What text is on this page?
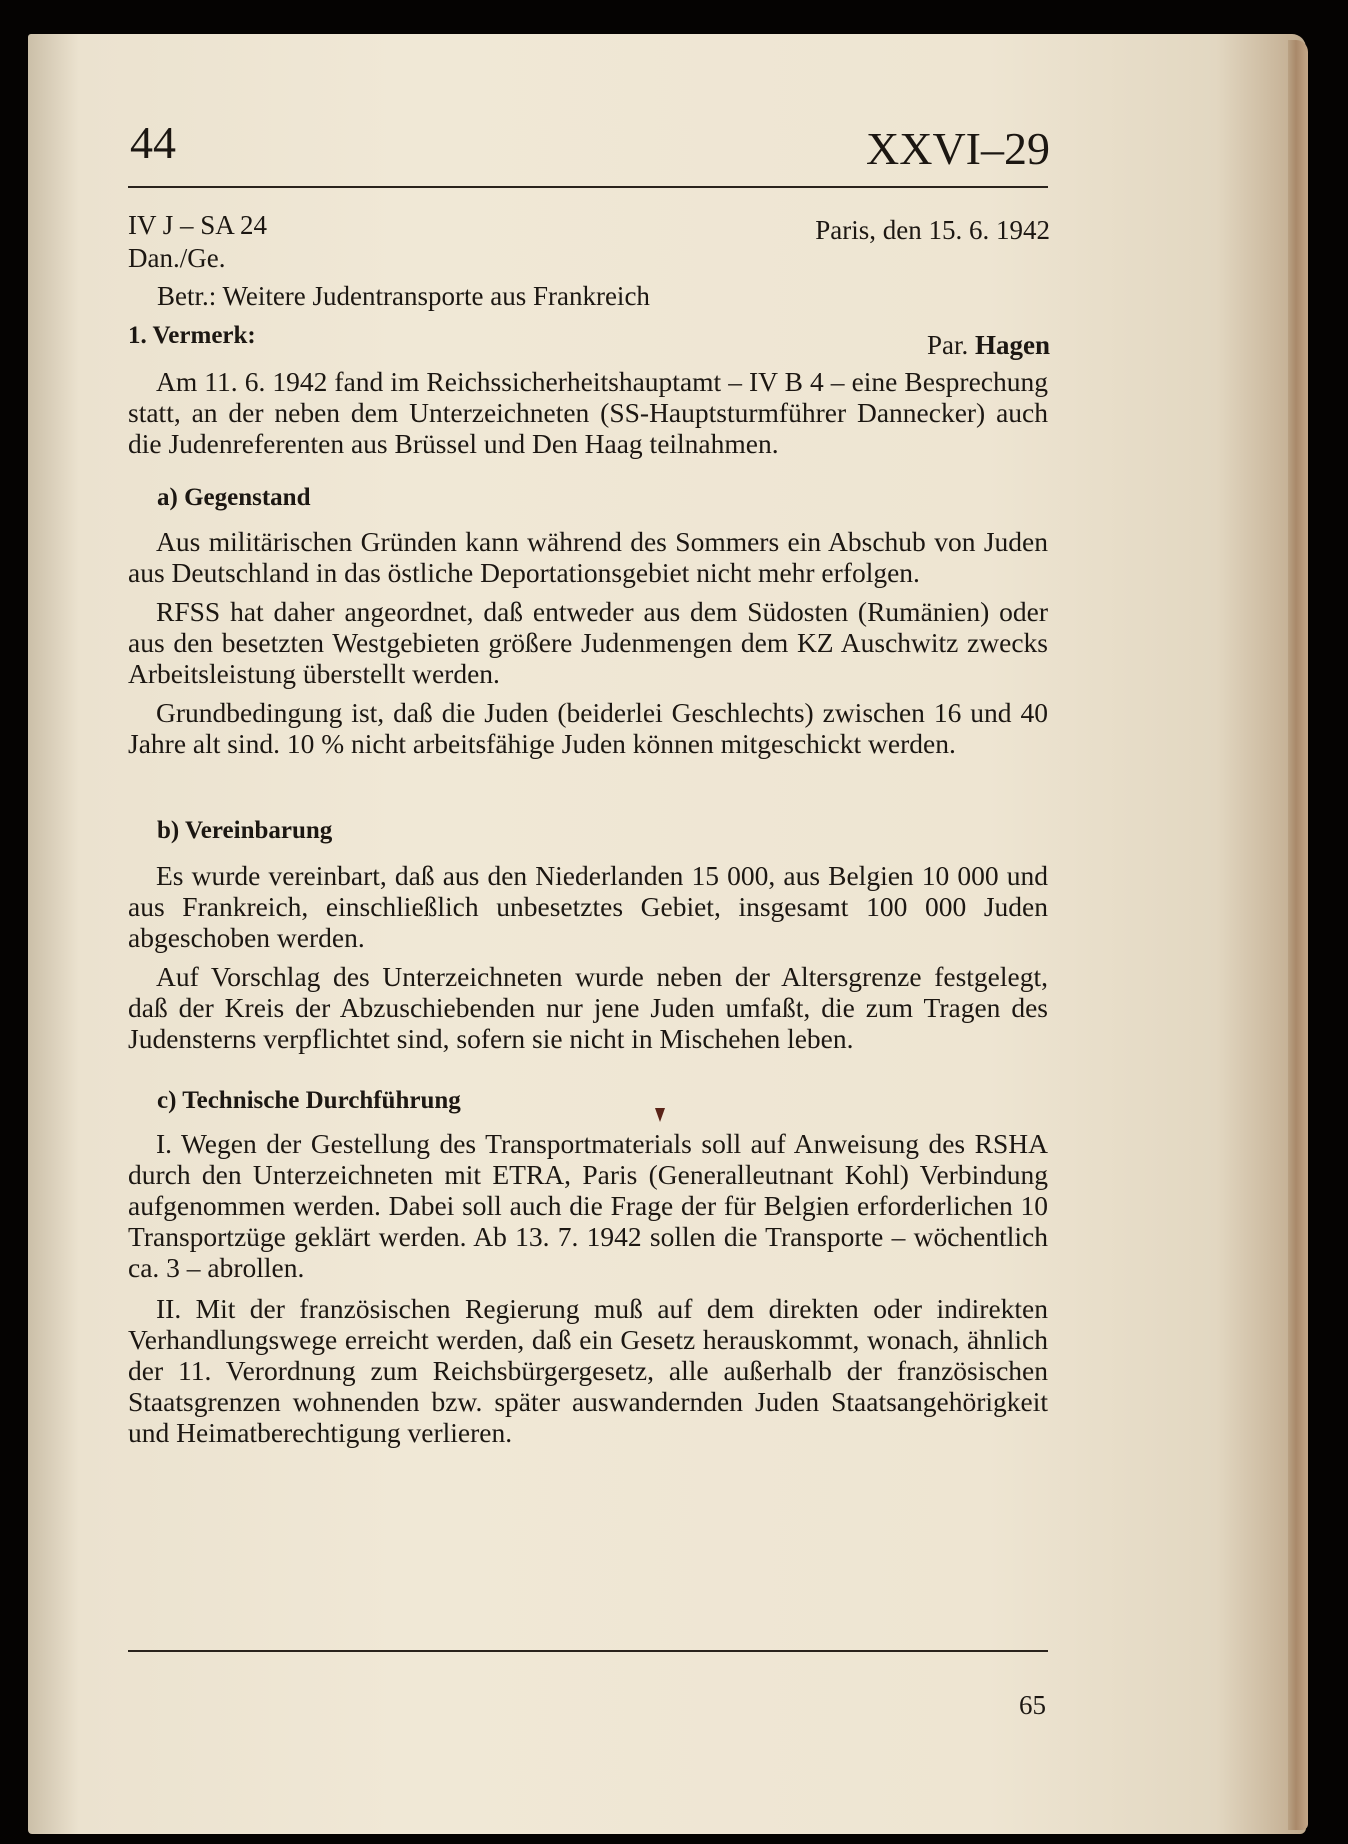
44	XXVI–29
IV J – SA 24	Paris, den 15. 6. 1942
Dan./Ge.
Betr.: Weitere Judentransporte aus Frankreich
1. Vermerk:	Par. Hagen

Am 11. 6. 1942 fand im Reichssicherheitshauptamt – IV B 4 – eine Besprechung statt, an der neben dem Unterzeichneten (SS-Hauptsturmführer Dannecker) auch die Judenreferenten aus Brüssel und Den Haag teilnahmen.

a) Gegenstand

Aus militärischen Gründen kann während des Sommers ein Abschub von Juden aus Deutschland in das östliche Deportationsgebiet nicht mehr erfolgen.

RFSS hat daher angeordnet, daß entweder aus dem Südosten (Rumänien) oder aus den besetzten Westgebieten größere Judenmengen dem KZ Auschwitz zwecks Arbeitsleistung überstellt werden.

Grundbedingung ist, daß die Juden (beiderlei Geschlechts) zwischen 16 und 40 Jahre alt sind. 10 % nicht arbeitsfähige Juden können mitgeschickt werden.

b) Vereinbarung

Es wurde vereinbart, daß aus den Niederlanden 15 000, aus Belgien 10 000 und aus Frankreich, einschließlich unbesetztes Gebiet, insgesamt 100 000 Juden abgeschoben werden.

Auf Vorschlag des Unterzeichneten wurde neben der Altersgrenze festgelegt, daß der Kreis der Abzuschiebenden nur jene Juden umfaßt, die zum Tragen des Judensterns verpflichtet sind, sofern sie nicht in Mischehen leben.

c) Technische Durchführung

I. Wegen der Gestellung des Transportmaterials soll auf Anweisung des RSHA durch den Unterzeichneten mit ETRA, Paris (Generalleutnant Kohl) Verbindung aufgenommen werden. Dabei soll auch die Frage der für Belgien erforderlichen 10 Transportzüge geklärt werden. Ab 13. 7. 1942 sollen die Transporte – wöchentlich ca. 3 – abrollen.

II. Mit der französischen Regierung muß auf dem direkten oder indirekten Verhandlungswege erreicht werden, daß ein Gesetz herauskommt, wonach, ähnlich der 11. Verordnung zum Reichsbürgergesetz, alle außerhalb der französischen Staatsgrenzen wohnenden bzw. später auswandernden Juden Staatsangehörigkeit und Heimatberechtigung verlieren.

65
